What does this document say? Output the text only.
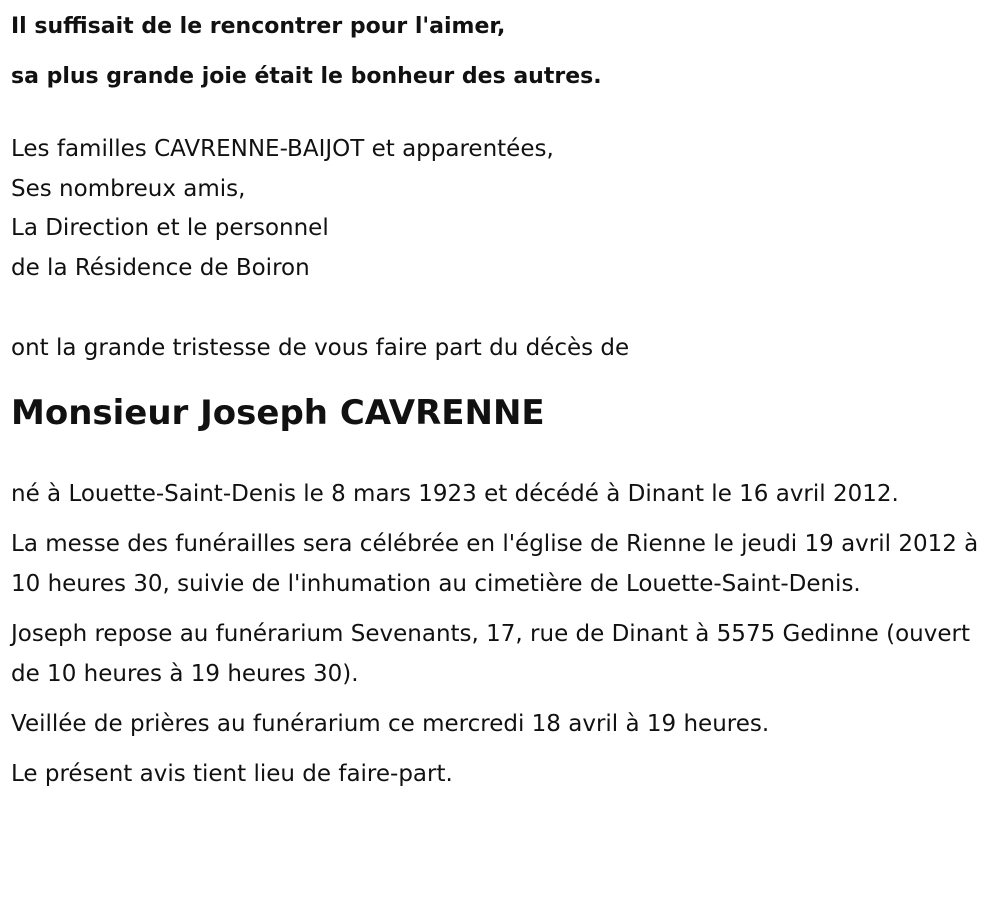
Il suffisait de le rencontrer pour l'aimer,

sa plus grande joie était le bonheur des autres.

Les familles CAVRENNE-BAIJOT et apparentées,
Ses nombreux amis,
La Direction et le personnel
de la Résidence de Boiron
ont la grande tristesse de vous faire part du décès de
Monsieur Joseph CAVRENNE

né à Louette-Saint-Denis le 8 mars 1923 et décédé à Dinant le 16 avril 2012.

La messe des funérailles sera célébrée en l'église de Rienne le jeudi 19 avril 2012 à 10 heures 30, suivie de l'inhumation au cimetière de Louette-Saint-Denis.

Joseph repose au funérarium Sevenants, 17, rue de Dinant à 5575 Gedinne (ouvert de 10 heures à 19 heures 30).

Veillée de prières au funérarium ce mercredi 18 avril à 19 heures.

Le présent avis tient lieu de faire-part.
